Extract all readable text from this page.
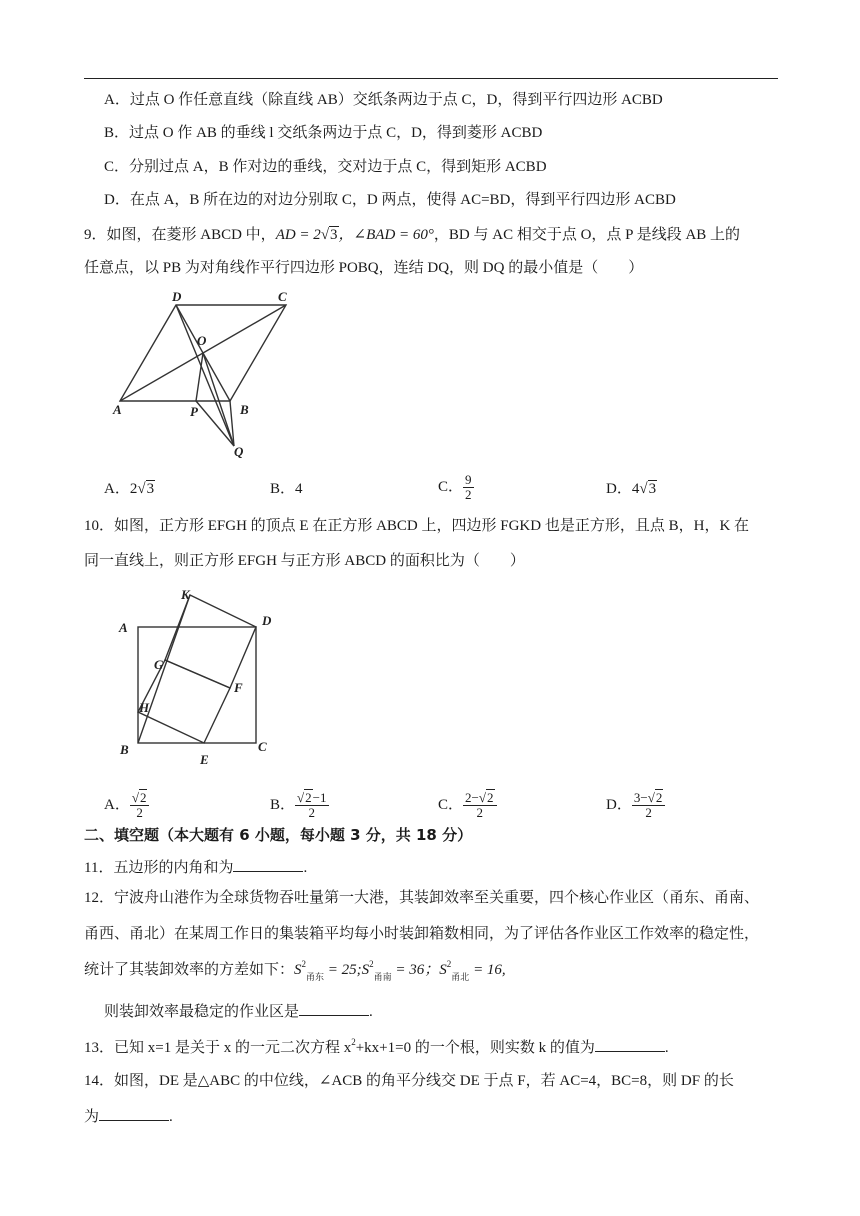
A．过点 O 作任意直线（除直线 AB）交纸条两边于点 C，D，得到平行四边形 ACBD
B．过点 O 作 AB 的垂线 l 交纸条两边于点 C，D，得到菱形 ACBD
C．分别过点 A，B 作对边的垂线，交对边于点 C，得到矩形 ACBD
D．在点 A，B 所在边的对边分别取 C，D 两点，使得 AC=BD，得到平行四边形 ACBD
9．如图，在菱形 ABCD 中，AD = 2√3，∠BAD = 60°，BD 与 AC 相交于点 O，点 P 是线段 AB 上的
任意点，以 PB 为对角线作平行四边形 POBQ，连结 DQ，则 DQ 的最小值是（　　）
D	C
O
A	P	B
Q
A．2√3	B．4	C． $\frac{9}{2}$	D．4√3
10．如图，正方形 EFGH 的顶点 E 在正方形 ABCD 上，四边形 FGKD 也是正方形，且点 B，H，K 在
同一直线上，则正方形 EFGH 与正方形 ABCD 的面积比为（　　）
K
A	D
G
F
H
B
E
C
A． $\frac{√2}{2}$	B． $\frac{√2-1}{2}$	C． $\frac{2-√2}{2}$	D． $\frac{3-√2}{2}$
二、填空题（本大题有 6 小题，每小题 3 分，共 18 分）
11．五边形的内角和为	.
12．宁波舟山港作为全球货物吞吐量第一大港，其装卸效率至关重要，四个核心作业区（甬东、甬南、
甬西、甬北）在某周工作日的集装箱平均每小时装卸箱数相同，为了评估各作业区工作效率的稳定性，
统计了其装卸效率的方差如下：$S^2_{甬东}$ = $25;S^2_{甬南} = 36$；$S^2_{甬北} = 16$,
则装卸效率最稳定的作业区是	.
13．已知 x=1 是关于 x 的一元二次方程 $x^2+kx+1=0$ 的一个根，则实数 k 的值为	.
14．如图，DE 是△ABC 的中位线，∠ACB 的角平分线交 DE 于点 F，若 AC=4，BC=8，则 DF 的长
为	.
